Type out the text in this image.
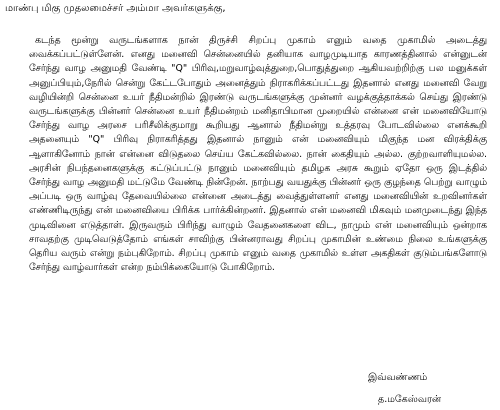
மாண்பு மிகு முதலமைச்சர் அம்மா அவர்களுக்கு,

கடந்த மூன்று வருடங்களாக நான் திருச்சி சிறப்பு முகாம் எனும் வதை முகாமில் அடைத்து வைக்கப்பட்டுள்ளேன். எனது மனைவி சென்னையில் தனியாக வாழமுடியாத காரணத்தினால் என்னுடன் சேர்ந்து வாழ அனுமதி வேண்டி "Q" பிரிவு,மறுவாழ்வுத்துறை,பொதுத்துறை ஆகியவற்றிற்கு பல மனுக்கள் அனுப்பியும்,நேரில் சென்று கேட்டபோதும் அனைத்தும் நிராகரிக்கப்பட்டது இதனால் எனது மனைவி வேறு வழியின்றி சென்னை உயர் நீதிமன்றில் இரண்டு வருடங்களுக்கு முன்னர் வழக்குத்தாக்கல் செய்து இரண்டு வருடங்களுக்கு பின்னர் சென்னை உயர் நீதிமன்றம் மனிதாபிமான முறையில் என்னை என் மனைவியோடு சேர்ந்து வாழ அரசை பரிசீலிக்குமாறு கூறியது ஆனால் நீதிமன்று உத்தரவு போடவில்லை எனக்கூறி அதனையும் "Q" பிரிவு நிராகரித்தது இதனால் நானும் என் மனைவியும் மிகுந்த மன விரக்திக்கு ஆளாகினோம் நான் என்னை விடுதலை செய்ய கேட்கவில்லை. நான் கைதியும் அல்ல. குற்றவாளியுமல்ல. அரசின் நிபந்தனைகளுக்கு கட்டுப்பட்டு நானும் மனைவியும் தமிழக அரசு கூறும் ஏதோ ஒரு இடத்தில் சேர்ந்து வாழ அனுமதி மட்டுமே வேண்டி நின்றேன். நாற்பது வயதுக்கு பின்னர் ஒரு குழந்தை பெற்று வாழும் அப்படி ஒரு வாழ்வு தேவையில்லை என்னை அடைத்து வைத்துள்ளனர் எனது மனைவியின் உறவினர்கள் எண்ணிடிருந்து என் மனைவியை பிரிக்க பார்க்கின்றனர். இதனால் என் மனைவி மிகவும் மனமுடைந்து இந்த முடிவினை எடுத்தாள். இருவரும் பிரிந்து வாழும் வேதனைகளை விட, நாமும் என் மனைவியும் ஒன்றாக சாவதற்கு முடிவெடுத்தோம் எங்கள் சாவிற்கு பின்னராவது சிறப்பு முகாமின் உண்மை நிலை உங்களுக்கு தெரிய வரும் என்று நம்புகிறோம். சிறப்பு முகாம் எனும் வதை முகாமில் உள்ள அகதிகள் குடும்பங்களோடு சேர்ந்து வாழ்வார்கள் என்ற நம்பிக்கையோடு போகிறோம்.

இவ்வண்ணம்
த.மகேஸ்வரன்
